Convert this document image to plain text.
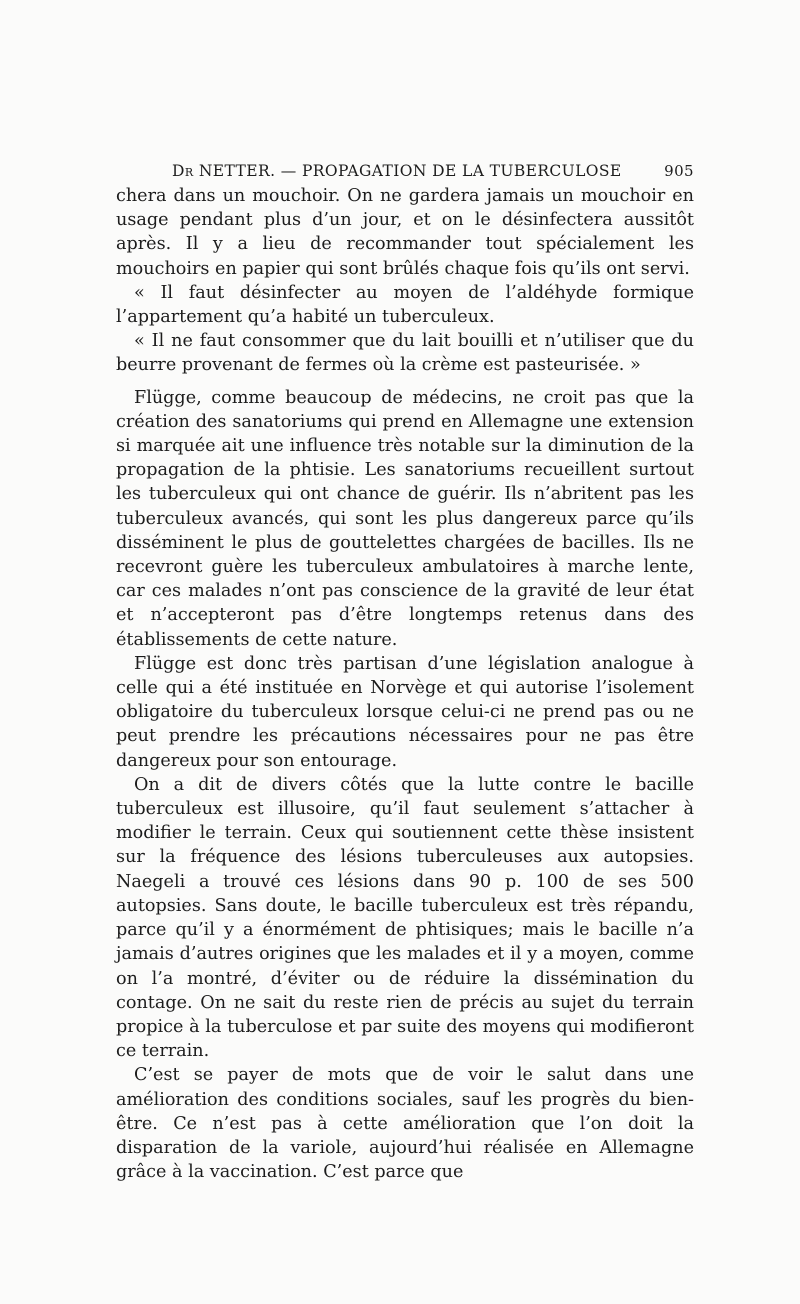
Dr NETTER. — PROPAGATION DE LA TUBERCULOSE	905

chera dans un mouchoir. On ne gardera jamais un mouchoir en usage pendant plus d’un jour, et on le désinfectera aussitôt après. Il y a lieu de recommander tout spécialement les mouchoirs en papier qui sont brûlés chaque fois qu’ils ont servi.

« Il faut désinfecter au moyen de l’aldéhyde formique l’appartement qu’a habité un tuberculeux.

« Il ne faut consommer que du lait bouilli et n’utiliser que du beurre provenant de fermes où la crème est pasteurisée. »

Flügge, comme beaucoup de médecins, ne croit pas que la création des sanatoriums qui prend en Allemagne une extension si marquée ait une influence très notable sur la diminution de la propagation de la phtisie. Les sanatoriums recueillent surtout les tuberculeux qui ont chance de guérir. Ils n’abritent pas les tuberculeux avancés, qui sont les plus dangereux parce qu’ils disséminent le plus de gouttelettes chargées de bacilles. Ils ne recevront guère les tuberculeux ambulatoires à marche lente, car ces malades n’ont pas conscience de la gravité de leur état et n’accepteront pas d’être longtemps retenus dans des établissements de cette nature.

Flügge est donc très partisan d’une législation analogue à celle qui a été instituée en Norvège et qui autorise l’isolement obligatoire du tuberculeux lorsque celui-ci ne prend pas ou ne peut prendre les précautions nécessaires pour ne pas être dangereux pour son entourage.

On a dit de divers côtés que la lutte contre le bacille tuberculeux est illusoire, qu’il faut seulement s’attacher à modifier le terrain. Ceux qui soutiennent cette thèse insistent sur la fréquence des lésions tuberculeuses aux autopsies. Naegeli a trouvé ces lésions dans 90 p. 100 de ses 500 autopsies. Sans doute, le bacille tuberculeux est très répandu, parce qu’il y a énormément de phtisiques; mais le bacille n’a jamais d’autres origines que les malades et il y a moyen, comme on l’a montré, d’éviter ou de réduire la dissémination du contage. On ne sait du reste rien de précis au sujet du terrain propice à la tuberculose et par suite des moyens qui modifieront ce terrain.

C’est se payer de mots que de voir le salut dans une amélioration des conditions sociales, sauf les progrès du bien-être. Ce n’est pas à cette amélioration que l’on doit la disparation de la variole, aujourd’hui réalisée en Allemagne grâce à la vaccination. C’est parce que
